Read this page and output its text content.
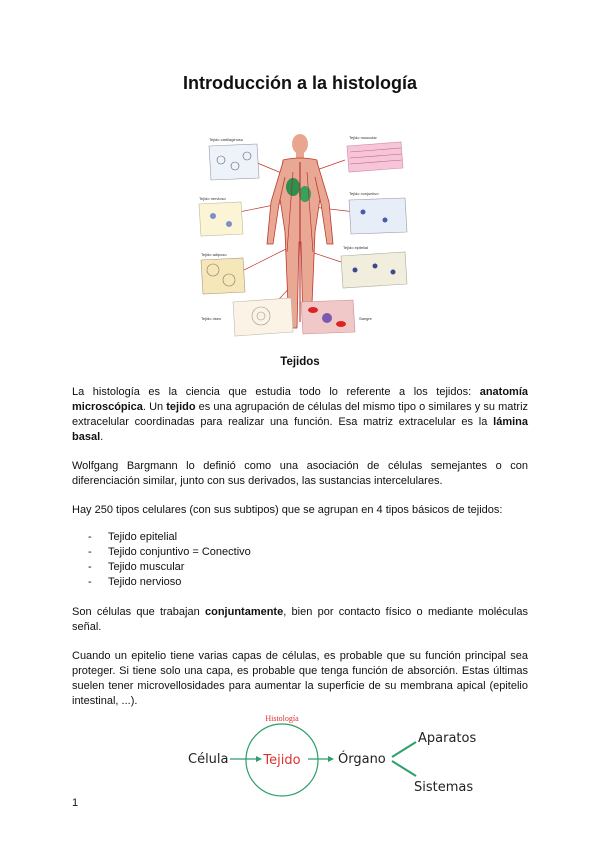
Introducción a la histología
Tejido cartilaginoso	Tejido muscular
Tejido nervioso
Tejido conjuntivo
Tejido adiposo
Tejido epitelial
Tejido óseo	Sangre
Tejidos

La histología es la ciencia que estudia todo lo referente a los tejidos: anatomía microscópica. Un tejido es una agrupación de células del mismo tipo o similares y su matriz extracelular coordinadas para realizar una función. Esa matriz extracelular es la lámina basal.

Wolfgang Bargmann lo definió como una asociación de células semejantes o con diferenciación similar, junto con sus derivados, las sustancias intercelulares.

Hay 250 tipos celulares (con sus subtipos) que se agrupan en 4 tipos básicos de tejidos:

- Tejido epitelial
- Tejido conjuntivo = Conectivo
- Tejido muscular
- Tejido nervioso

Son células que trabajan conjuntamente, bien por contacto físico o mediante moléculas señal.

Cuando un epitelio tiene varias capas de células, es probable que su función principal sea proteger. Si tiene solo una capa, es probable que tenga función de absorción. Estas últimas suelen tener microvellosidades para aumentar la superficie de su membrana apical (epitelio intestinal, ...).

Histología
Célula	Tejido	Órgano
Aparatos
Sistemas
1
